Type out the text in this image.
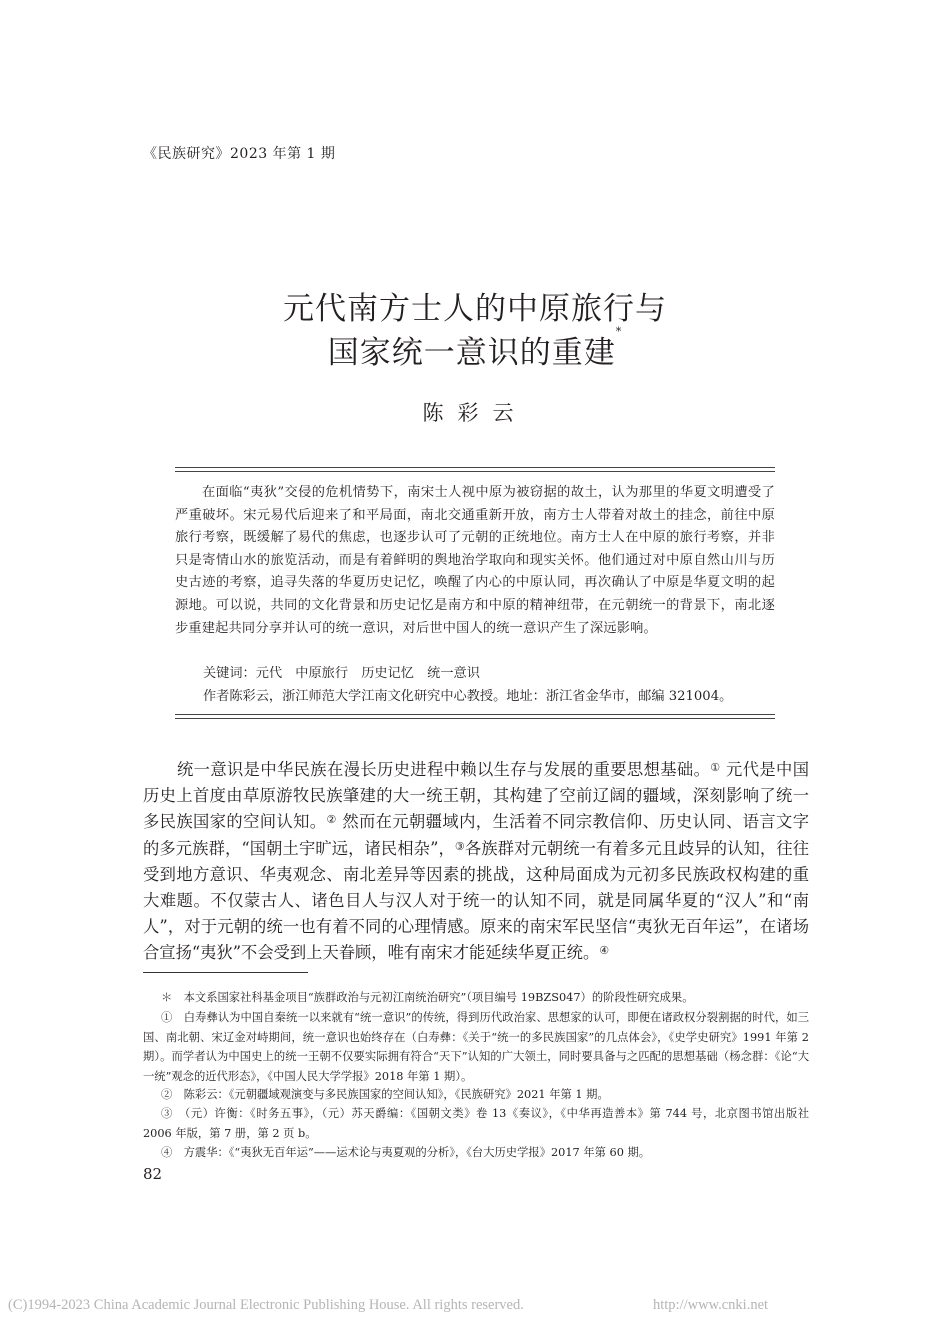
《民族研究》2023 年第 1 期
元代南方士人的中原旅行与
国家统一意识的重建*
陈彩云
在面临“夷狄”交侵的危机情势下，南宋士人视中原为被窃据的故土，认为那里的华夏文明遭受了严重破坏。宋元易代后迎来了和平局面，南北交通重新开放，南方士人带着对故土的挂念，前往中原旅行考察，既缓解了易代的焦虑，也逐步认可了元朝的正统地位。南方士人在中原的旅行考察，并非只是寄情山水的旅览活动，而是有着鲜明的舆地治学取向和现实关怀。他们通过对中原自然山川与历史古迹的考察，追寻失落的华夏历史记忆，唤醒了内心的中原认同，再次确认了中原是华夏文明的起源地。可以说，共同的文化背景和历史记忆是南方和中原的精神纽带，在元朝统一的背景下，南北逐步重建起共同分享并认可的统一意识，对后世中国人的统一意识产生了深远影响。
关键词：元代　中原旅行　历史记忆　统一意识
作者陈彩云，浙江师范大学江南文化研究中心教授。地址：浙江省金华市，邮编 321004。
统一意识是中华民族在漫长历史进程中赖以生存与发展的重要思想基础。① 元代是中国历史上首度由草原游牧民族肇建的大一统王朝，其构建了空前辽阔的疆域，深刻影响了统一多民族国家的空间认知。② 然而在元朝疆域内，生活着不同宗教信仰、历史认同、语言文字的多元族群，“国朝土宇旷远，诸民相杂”，③各族群对元朝统一有着多元且歧异的认知，往往受到地方意识、华夷观念、南北差异等因素的挑战，这种局面成为元初多民族政权构建的重大难题。不仅蒙古人、诸色目人与汉人对于统一的认知不同，就是同属华夏的“汉人”和“南人”，对于元朝的统一也有着不同的心理情感。原来的南宋军民坚信“夷狄无百年运”，在诸场合宣扬“夷狄”不会受到上天眷顾，唯有南宋才能延续华夏正统。④
＊　本文系国家社科基金项目“族群政治与元初江南统治研究”（项目编号 19BZS047）的阶段性研究成果。
①　白寿彝认为中国自秦统一以来就有“统一意识”的传统，得到历代政治家、思想家的认可，即便在诸政权分裂割据的时代，如三国、南北朝、宋辽金对峙期间，统一意识也始终存在（白寿彝：《关于“统一的多民族国家”的几点体会》，《史学史研究》1991 年第 2 期）。而学者认为中国史上的统一王朝不仅要实际拥有符合“天下”认知的广大领土，同时要具备与之匹配的思想基础（杨念群：《论“大一统”观念的近代形态》，《中国人民大学学报》2018 年第 1 期）。
②　陈彩云：《元朝疆域观演变与多民族国家的空间认知》，《民族研究》2021 年第 1 期。
③　（元）许衡：《时务五事》，（元）苏天爵编：《国朝文类》卷 13《奏议》，《中华再造善本》第 744 号，北京图书馆出版社 2006 年版，第 7 册，第 2 页 b。
④　方震华：《“夷狄无百年运”——运术论与夷夏观的分析》，《台大历史学报》2017 年第 60 期。
82
(C)1994-2023 China Academic Journal Electronic Publishing House. All rights reserved.	http://www.cnki.net
